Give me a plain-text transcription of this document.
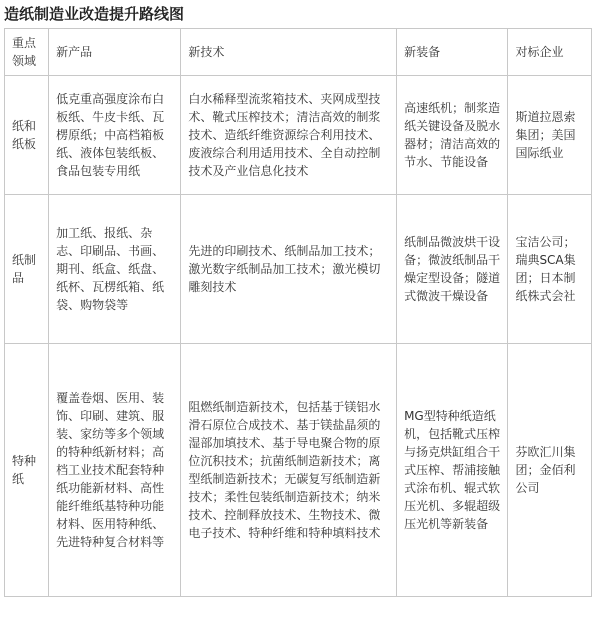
造纸制造业改造提升路线图
重点领域	新产品	新技术	新装备	对标企业
纸和纸板	低克重高强度涂布白板纸、牛皮卡纸、瓦楞原纸；中高档箱板纸、液体包装纸板、食品包装专用纸	白水稀释型流浆箱技术、夹网成型技术、靴式压榨技术；清洁高效的制浆技术、造纸纤维资源综合利用技术、废液综合利用适用技术、全自动控制技术及产业信息化技术	高速纸机；制浆造纸关键设备及脱水器材；清洁高效的节水、节能设备	斯道拉恩索集团；美国国际纸业
纸制品	加工纸、报纸、杂志、印刷品、书画、期刊、纸盒、纸盘、纸杯、瓦楞纸箱、纸袋、购物袋等	先进的印刷技术、纸制品加工技术；激光数字纸制品加工技术；激光模切雕刻技术	纸制品微波烘干设备；微波纸制品干燥定型设备；隧道式微波干燥设备	宝洁公司；瑞典SCA集团；日本制纸株式会社
特种纸	覆盖卷烟、医用、装饰、印刷、建筑、服装、家纺等多个领域的特种纸新材料；高档工业技术配套特种纸功能新材料、高性能纤维纸基特种功能材料、医用特种纸、先进特种复合材料等	阻燃纸制造新技术，包括基于镁铝水滑石原位合成技术、基于镁盐晶须的湿部加填技术、基于导电聚合物的原位沉积技术；抗菌纸制造新技术；离型纸制造新技术；无碳复写纸制造新技术；柔性包装纸制造新技术；纳米技术、控制释放技术、生物技术、微电子技术、特种纤维和特种填料技术	MG型特种纸造纸机，包括靴式压榨与扬克烘缸组合干式压榨、帮浦接触式涂布机、辊式软压光机、多辊超级压光机等新装备	芬欧汇川集团；金佰利公司
